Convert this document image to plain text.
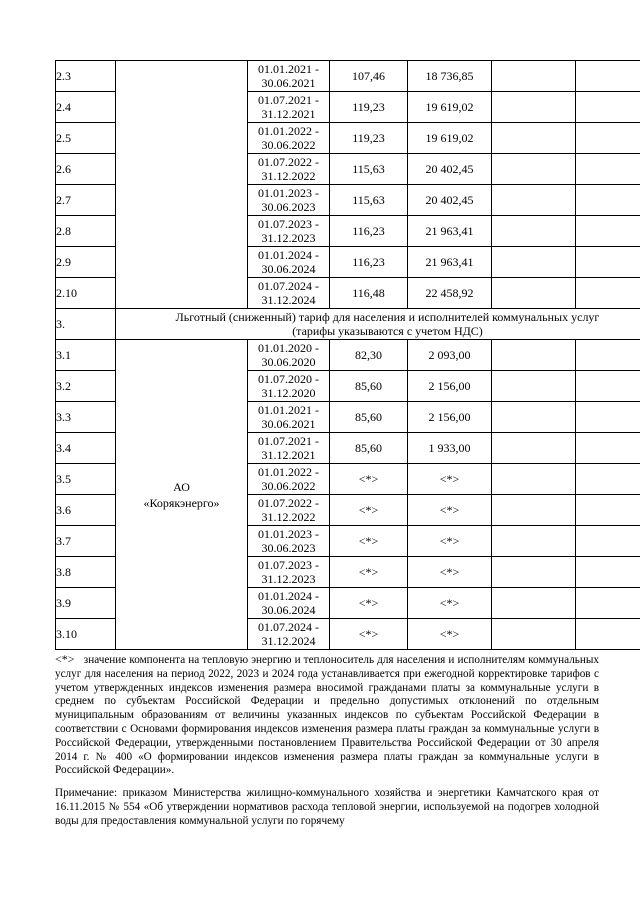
2.3		01.01.2021 -
30.06.2021	107,46	18 736,85			
2.4		01.07.2021 -
31.12.2021	119,23	19 619,02			
2.5		01.01.2022 -
30.06.2022	119,23	19 619,02			
2.6		01.07.2022 -
31.12.2022	115,63	20 402,45			
2.7		01.01.2023 -
30.06.2023	115,63	20 402,45			
2.8		01.07.2023 -
31.12.2023	116,23	21 963,41			
2.9		01.01.2024 -
30.06.2024	116,23	21 963,41			
2.10		01.07.2024 -
31.12.2024	116,48	22 458,92			
3.	Льготный (сниженный) тариф для населения и исполнителей коммунальных услуг
(тарифы указываются с учетом НДС)						

3.1	АО
«Корякэнерго»	01.01.2020 -
30.06.2020	82,30	2 093,00			
3.2		01.07.2020 -
31.12.2020	85,60	2 156,00			
3.3		01.01.2021 -
30.06.2021	85,60	2 156,00			
3.4		01.07.2021 -
31.12.2021	85,60	1 933,00			
3.5		01.01.2022 -
30.06.2022	<*>	<*>			
3.6		01.07.2022 -
31.12.2022	<*>	<*>			
3.7		01.01.2023 -
30.06.2023	<*>	<*>			
3.8		01.07.2023 -
31.12.2023	<*>	<*>			
3.9		01.01.2024 -
30.06.2024	<*>	<*>			
3.10		01.07.2024 -
31.12.2024	<*>	<*>			
<*> значение компонента на тепловую энергию и теплоноситель для населения и исполнителям коммунальных услуг для населения на период 2022, 2023 и 2024 года устанавливается при ежегодной корректировке тарифов с учетом утвержденных индексов изменения размера вносимой гражданами платы за коммунальные услуги в среднем по субъектам Российской Федерации и предельно допустимых отклонений по отдельным муниципальным образованиям от величины указанных индексов по субъектам Российской Федерации в соответствии с Основами формирования индексов изменения размера платы граждан за коммунальные услуги в Российской Федерации, утвержденными постановлением Правительства Российской Федерации от 30 апреля 2014 г. № 400 «О формировании индексов изменения размера платы граждан за коммунальные услуги в Российской Федерации».
Примечание: приказом Министерства жилищно-коммунального хозяйства и энергетики Камчатского края от 16.11.2015 № 554 «Об утверждении нормативов расхода тепловой энергии, используемой на подогрев холодной воды для предоставления коммунальной услуги по горячему
